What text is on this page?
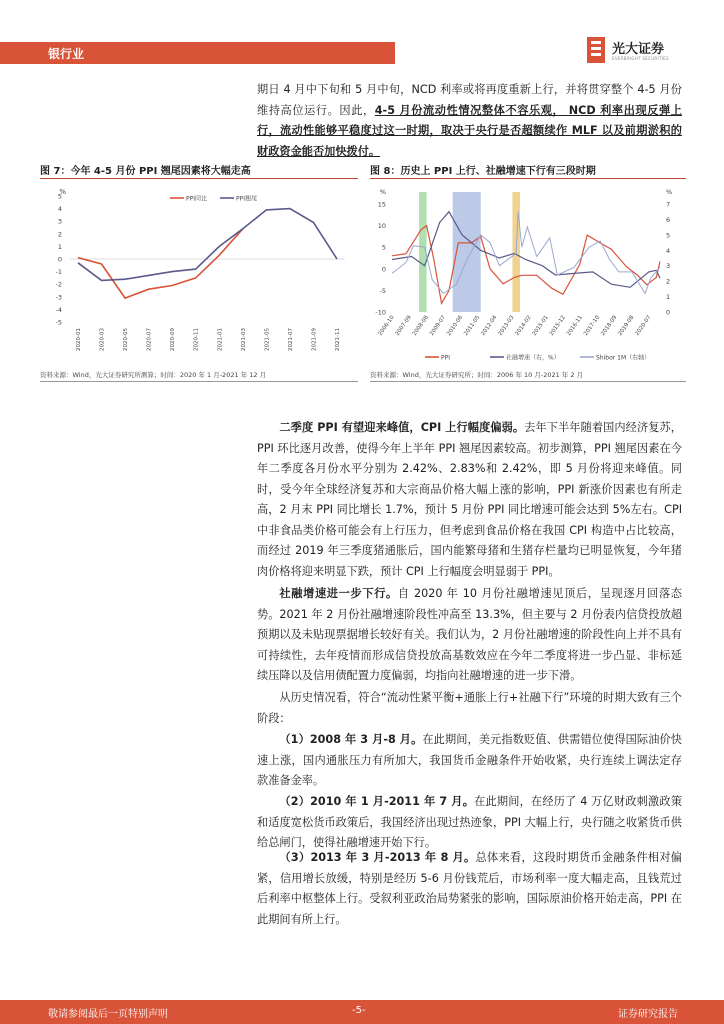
银行业	光大证券
EVERBRIGHT SECURITIES

期日 4 月中下旬和 5 月中旬，NCD 利率或将再度重新上行，并将贯穿整个 4-5 月份维持高位运行。因此，4-5 月份流动性情况整体不容乐观， NCD 利率出现反弹上行，流动性能够平稳度过这一时期，取决于央行是否超额续作 MLF 以及前期淤积的财政资金能否加快拨付。

图 7：今年 4-5 月份 PPI 翘尾因素将大幅走高
%
5
4
3
2
1
0
-1
-2
-3
-4
-5
2020-01	2020-03	2020-05	2020-07	2020-09	2020-11	2021-01	2021-03	2021-05	2021-07	2021-09	2021-11
PPI同比	PPI翘尾
资料来源：Wind，光大证券研究所测算；时间：2020 年 1 月-2021 年 12 月
图 8：历史上 PPI 上行、社融增速下行有三段时期
%
15
10
5
0
-5
-10
%
7
6
5
4
3
2
1
0
2006-10 2007-09 2008-08 2009-07 2010-06 2011-05 2012-04 2013-03 2014-02 2015-01 2015-12 2016-11 2017-10 2018-09 2019-08 2020-07
PPI	社融增速（右，%）	Shibor 1M（右轴）
资料来源：Wind，光大证券研究所；时间：2006 年 10 月-2021 年 2 月

二季度 PPI 有望迎来峰值，CPI 上行幅度偏弱。去年下半年随着国内经济复苏，PPI 环比逐月改善，使得今年上半年 PPI 翘尾因素较高。初步测算，PPI 翘尾因素在今年二季度各月份水平分别为 2.42%、2.83%和 2.42%，即 5 月份将迎来峰值。同时，受今年全球经济复苏和大宗商品价格大幅上涨的影响，PPI 新涨价因素也有所走高，2 月末 PPI 同比增长 1.7%，预计 5 月份 PPI 同比增速可能会达到 5%左右。CPI 中非食品类价格可能会有上行压力，但考虑到食品价格在我国 CPI 构造中占比较高，而经过 2019 年三季度猪通胀后，国内能繁母猪和生猪存栏量均已明显恢复，今年猪肉价格将迎来明显下跌，预计 CPI 上行幅度会明显弱于 PPI。

社融增速进一步下行。自 2020 年 10 月份社融增速见顶后，呈现逐月回落态势。2021 年 2 月份社融增速阶段性冲高至 13.3%，但主要与 2 月份表内信贷投放超预期以及未贴现票据增长较好有关。我们认为，2 月份社融增速的阶段性向上并不具有可持续性，去年疫情而形成信贷投放高基数效应在今年二季度将进一步凸显、非标延续压降以及信用债配置力度偏弱，均指向社融增速的进一步下滑。

从历史情况看，符合“流动性紧平衡+通胀上行+社融下行”环境的时期大致有三个阶段：

（1）2008 年 3 月-8 月。在此期间，美元指数贬值、供需错位使得国际油价快速上涨，国内通胀压力有所加大，我国货币金融条件开始收紧，央行连续上调法定存款准备金率。

（2）2010 年 1 月-2011 年 7 月。在此期间，在经历了 4 万亿财政刺激政策和适度宽松货币政策后，我国经济出现过热迹象，PPI 大幅上行，央行随之收紧货币供给总闸门，使得社融增速开始下行。

（3）2013 年 3 月-2013 年 8 月。总体来看，这段时期货币金融条件相对偏紧，信用增长放缓，特别是经历 5-6 月份钱荒后，市场利率一度大幅走高，且钱荒过后利率中枢整体上行。受叙利亚政治局势紧张的影响，国际原油价格开始走高，PPI 在此期间有所上行。

敬请参阅最后一页特别声明	-5-	证券研究报告
